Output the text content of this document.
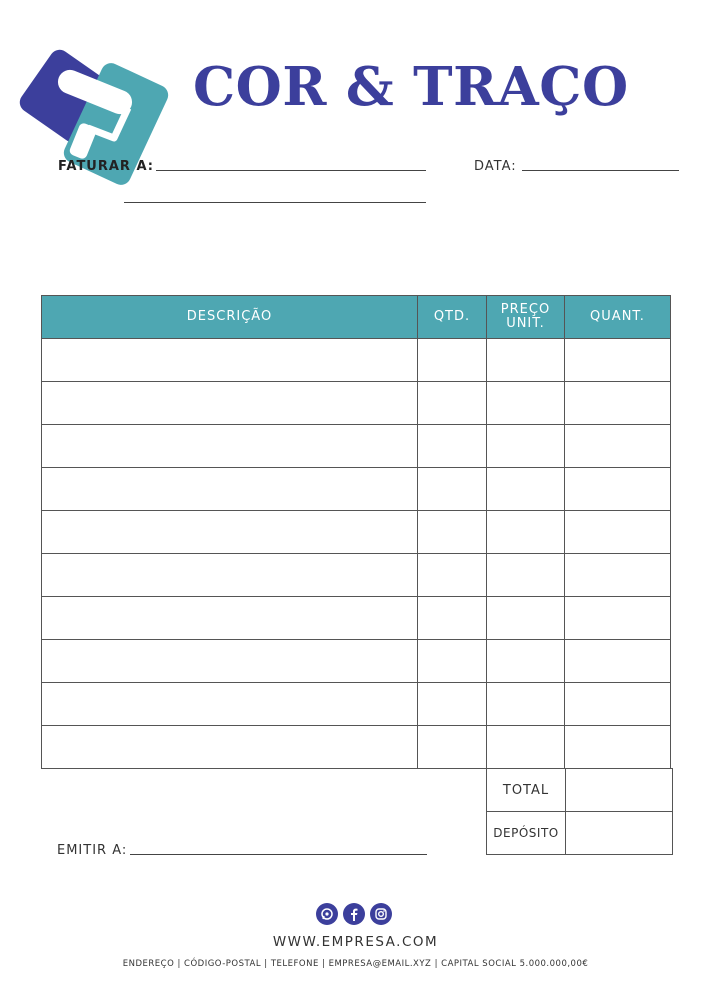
COR & TRAÇO
FATURAR A:	DATA:
DESCRIÇÃO	QTD.	PREÇO UNIT.	QUANT.

TOTAL	
DEPÓSITO	
EMITIR A:
WWW.EMPRESA.COM
ENDEREÇO | CÓDIGO-POSTAL | TELEFONE | EMPRESA@EMAIL.XYZ | CAPITAL SOCIAL 5.000.000,00€
